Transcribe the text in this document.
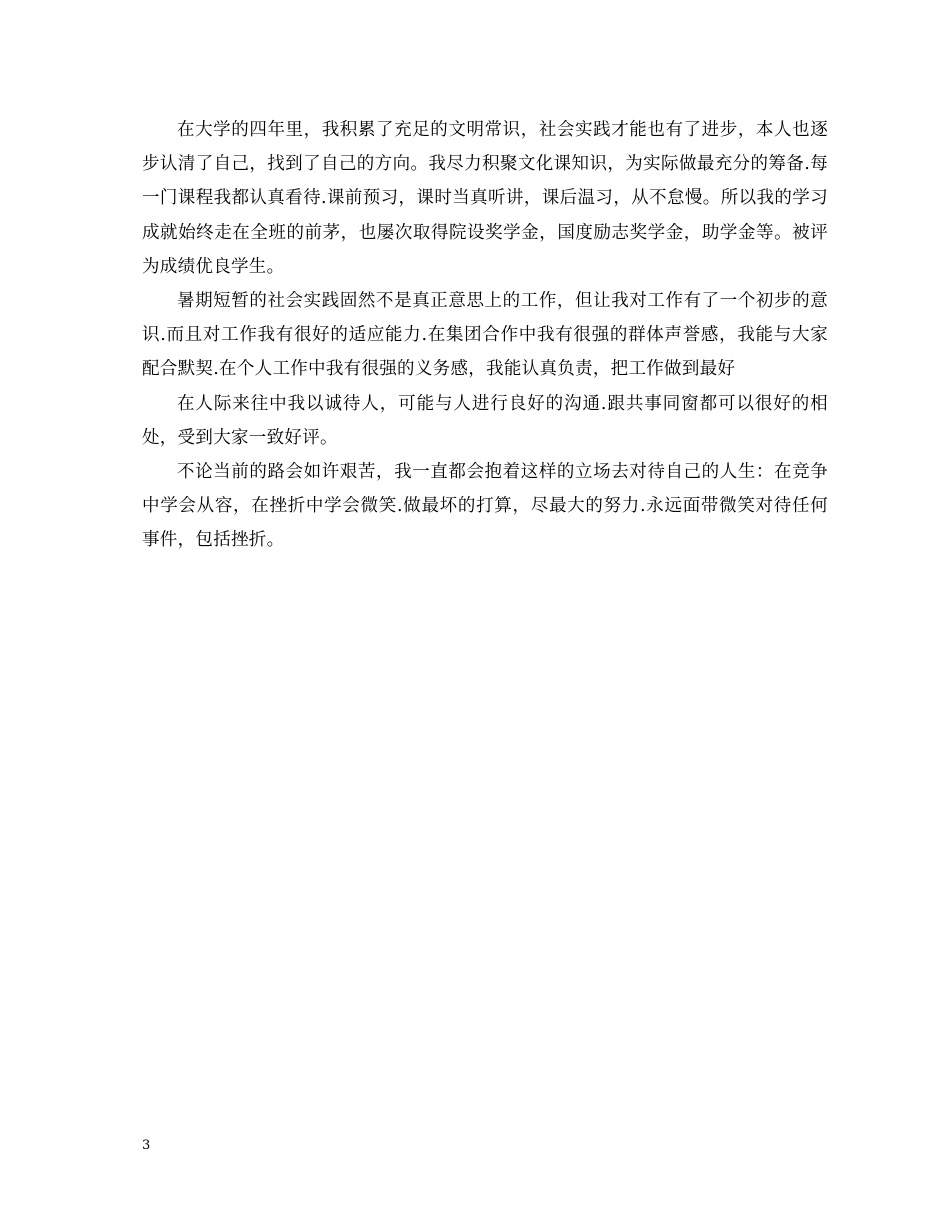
在大学的四年里，我积累了充足的文明常识，社会实践才能也有了进步，本人也逐步认清了自己，找到了自己的方向。我尽力积聚文化课知识，为实际做最充分的筹备.每一门课程我都认真看待.课前预习，课时当真听讲，课后温习，从不怠慢。所以我的学习成就始终走在全班的前茅，也屡次取得院设奖学金，国度励志奖学金，助学金等。被评为成绩优良学生。

暑期短暂的社会实践固然不是真正意思上的工作，但让我对工作有了一个初步的意识.而且对工作我有很好的适应能力.在集团合作中我有很强的群体声誉感，我能与大家配合默契.在个人工作中我有很强的义务感，我能认真负责，把工作做到最好

在人际来往中我以诚待人，可能与人进行良好的沟通.跟共事同窗都可以很好的相处，受到大家一致好评。

不论当前的路会如许艰苦，我一直都会抱着这样的立场去对待自己的人生：在竞争中学会从容，在挫折中学会微笑.做最坏的打算，尽最大的努力.永远面带微笑对待任何事件，包括挫折。

3
